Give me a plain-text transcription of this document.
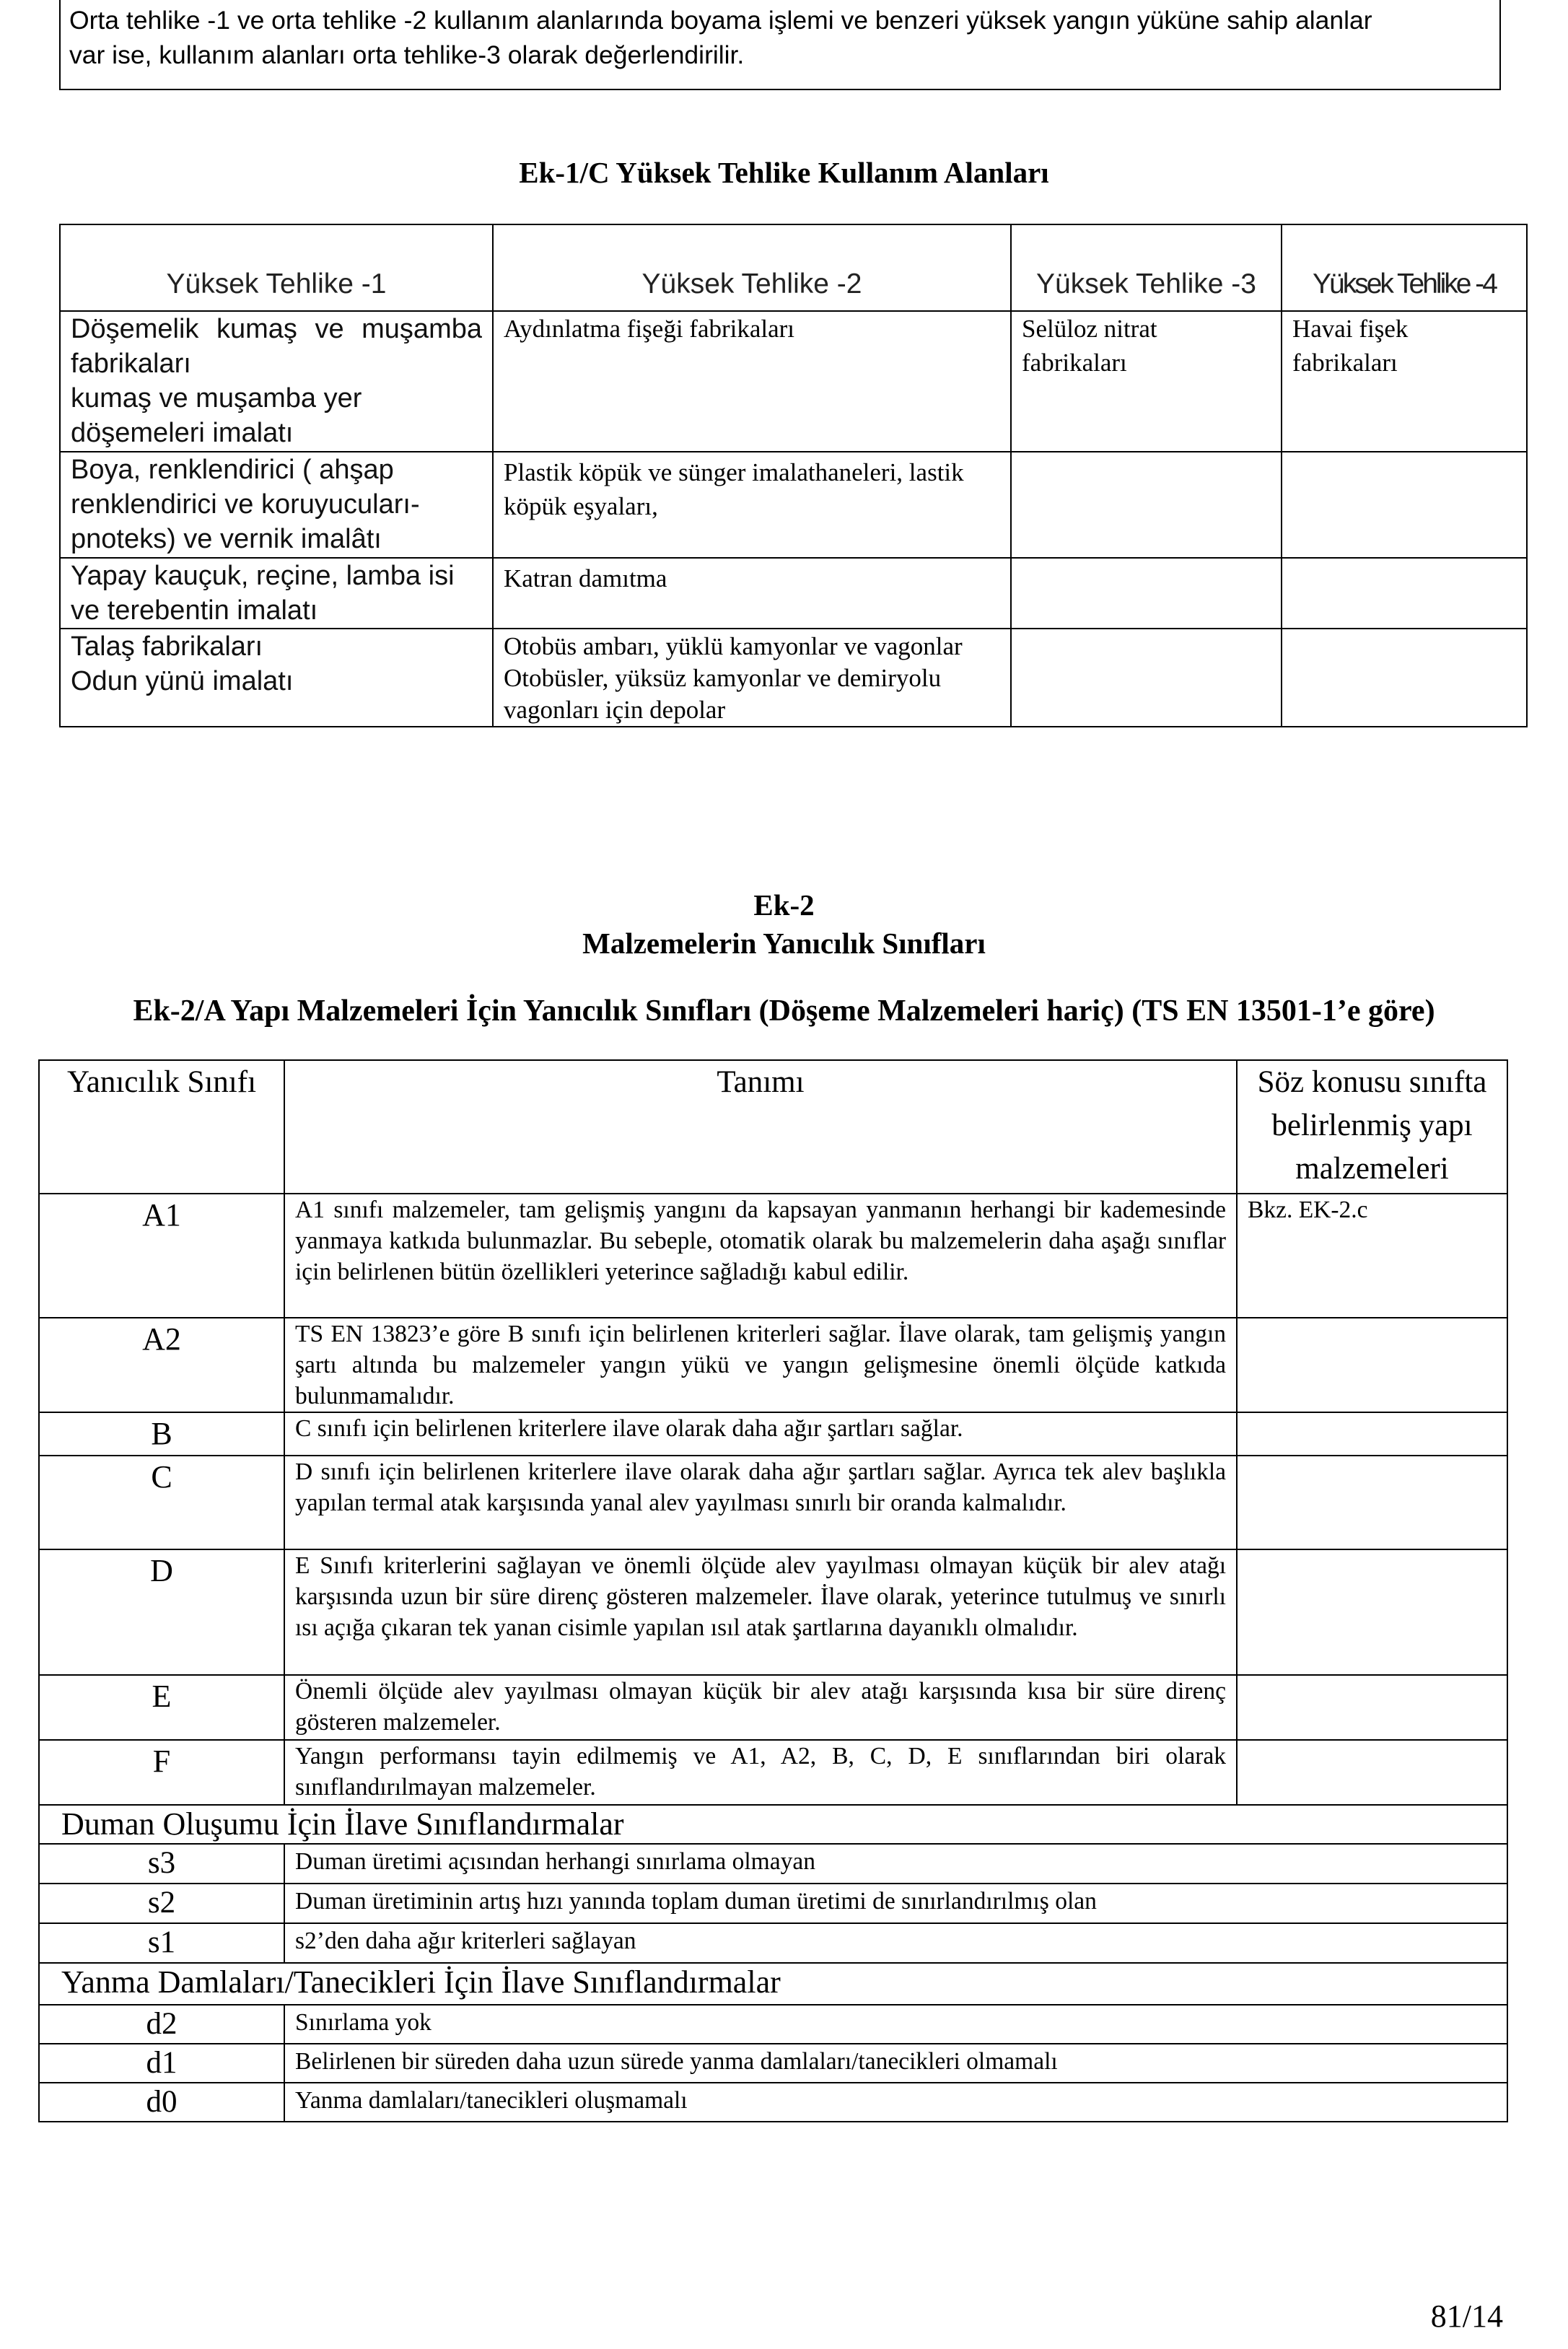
Orta tehlike -1 ve orta tehlike -2 kullanım alanlarında boyama işlemi ve benzeri yüksek yangın yüküne sahip alanlar
var ise, kullanım alanları orta tehlike-3 olarak değerlendirilir.
Ek-1/C Yüksek Tehlike Kullanım Alanları
Yüksek Tehlike -1	Yüksek Tehlike -2	Yüksek Tehlike -3	Yüksek Tehlike -4

Döşemelik kumaş ve muşamba
fabrikaları
kumaş ve muşamba yer
döşemeleri imalatı

Aydınlatma fişeği fabrikaları	Selüloz nitrat
fabrikaları

Havai fişek
fabrikaları

Boya, renklendirici ( ahşap
renklendirici ve koruyucuları-
pnoteks) ve vernik imalâtı

Plastik köpük ve sünger imalathaneleri, lastik
köpük eşyaları,

Yapay kauçuk, reçine, lamba isi
ve terebentin imalatı

Katran damıtma

Talaş fabrikaları
Odun yünü imalatı

Otobüs ambarı, yüklü kamyonlar ve vagonlar
Otobüsler, yüksüz kamyonlar ve demiryolu
vagonları için depolar

Ek-2
Malzemelerin Yanıcılık Sınıfları
Ek-2/A Yapı Malzemeleri İçin Yanıcılık Sınıfları (Döşeme Malzemeleri hariç) (TS EN 13501-1’e göre)
Yanıcılık Sınıfı	Tanımı	Söz konusu sınıfta
belirlenmiş yapı
malzemeleri

A1	A1 sınıfı malzemeler, tam gelişmiş yangını da kapsayan yanmanın herhangi bir kademesinde yanmaya katkıda bulunmazlar. Bu sebeple, otomatik olarak bu malzemelerin daha aşağı sınıflar için belirlenen bütün özellikleri yeterince sağladığı kabul edilir.	Bkz. EK-2.c
A2	TS EN 13823’e göre B sınıfı için belirlenen kriterleri sağlar. İlave olarak, tam gelişmiş yangın şartı altında bu malzemeler yangın yükü ve yangın gelişmesine önemli ölçüde katkıda bulunmamalıdır.	
B	C sınıfı için belirlenen kriterlere ilave olarak daha ağır şartları sağlar.	
C	D sınıfı için belirlenen kriterlere ilave olarak daha ağır şartları sağlar. Ayrıca tek alev başlıkla yapılan termal atak karşısında yanal alev yayılması sınırlı bir oranda kalmalıdır.	
D	E Sınıfı kriterlerini sağlayan ve önemli ölçüde alev yayılması olmayan küçük bir alev atağı karşısında uzun bir süre direnç gösteren malzemeler. İlave olarak, yeterince tutulmuş ve sınırlı ısı açığa çıkaran tek yanan cisimle yapılan ısıl atak şartlarına dayanıklı olmalıdır.	
E	Önemli ölçüde alev yayılması olmayan küçük bir alev atağı karşısında kısa bir süre direnç gösteren malzemeler.	
F	Yangın performansı tayin edilmemiş ve A1, A2, B, C, D, E sınıflarından biri olarak sınıflandırılmayan malzemeler.	
Duman Oluşumu İçin İlave Sınıflandırmalar
s3	Duman üretimi açısından herhangi sınırlama olmayan
s2	Duman üretiminin artış hızı yanında toplam duman üretimi de sınırlandırılmış olan
s1	s2’den daha ağır kriterleri sağlayan
Yanma Damlaları/Tanecikleri İçin İlave Sınıflandırmalar
d2	Sınırlama yok
d1	Belirlenen bir süreden daha uzun sürede yanma damlaları/tanecikleri olmamalı
d0	Yanma damlaları/tanecikleri oluşmamalı
81/14
